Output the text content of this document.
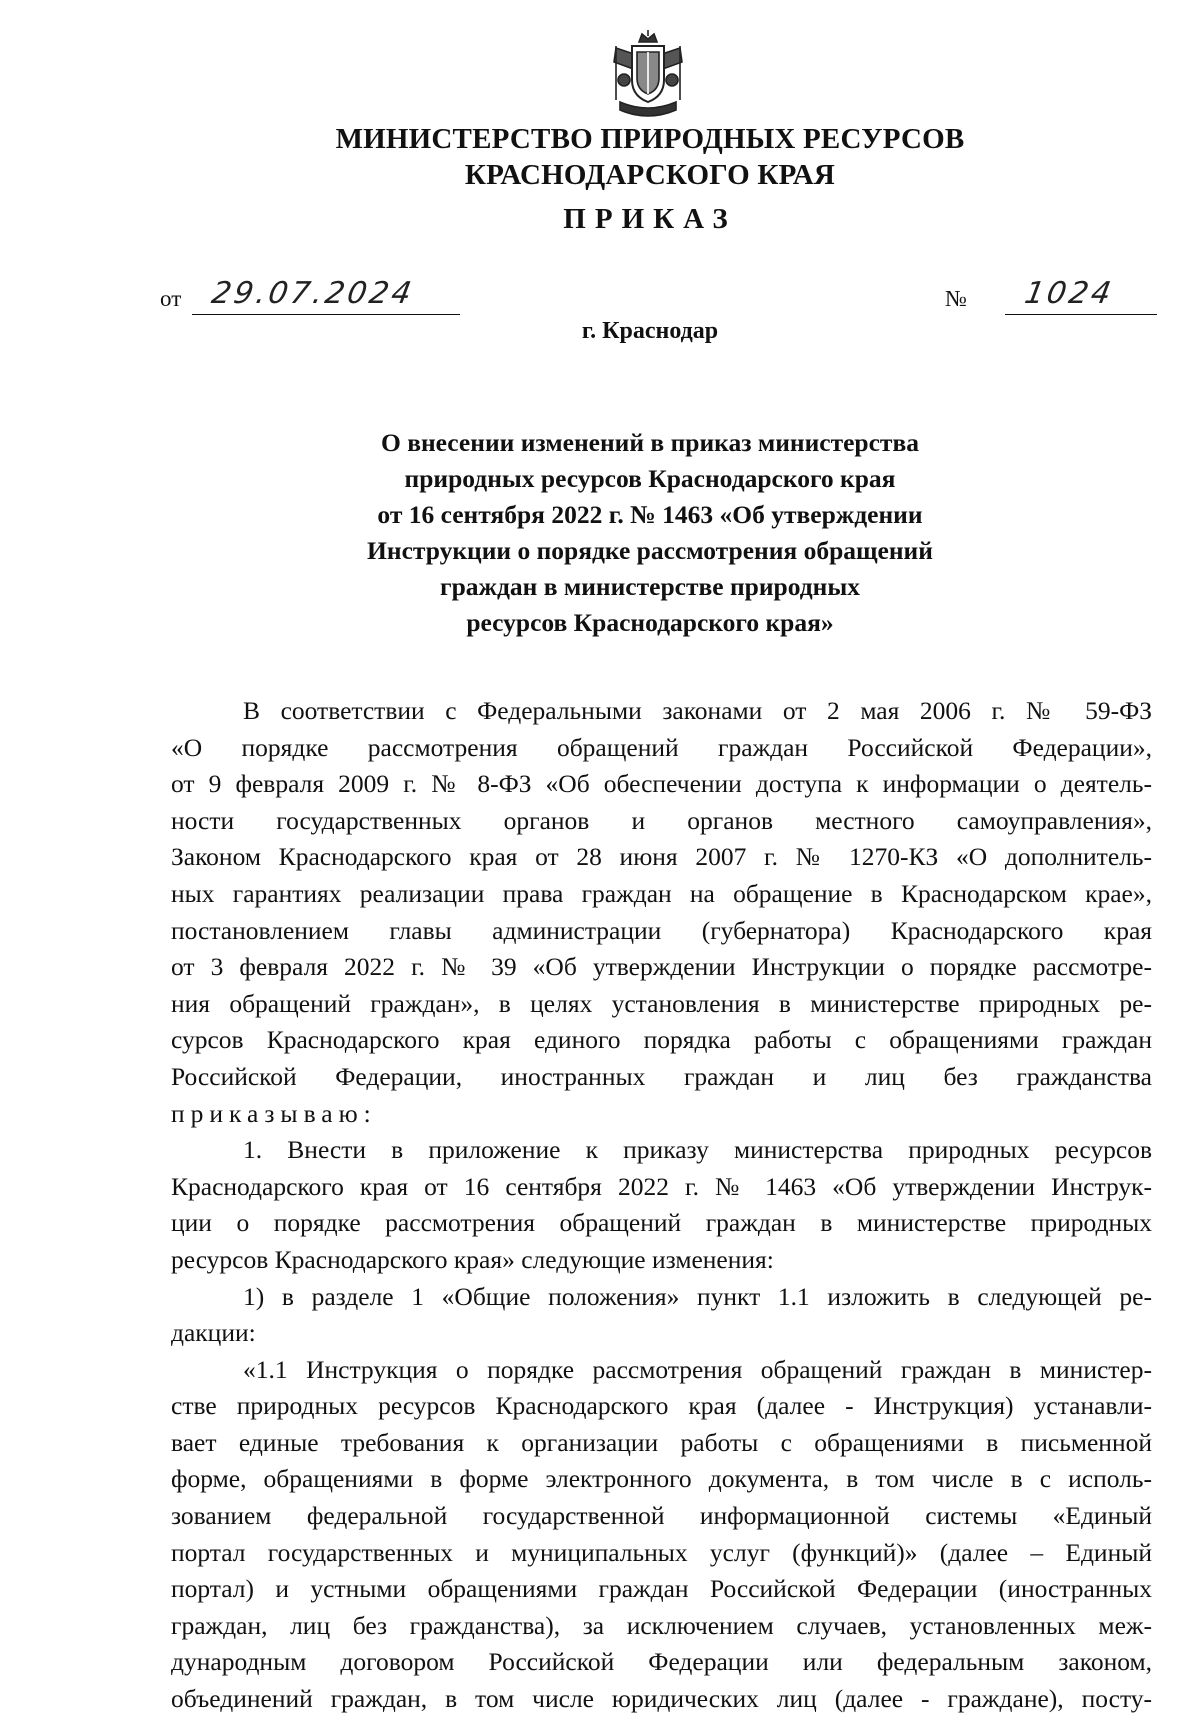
МИНИСТЕРСТВО ПРИРОДНЫХ РЕСУРСОВ
КРАСНОДАРСКОГО КРАЯ
ПРИКАЗ
от 29.07.2024	№ 1024
г. Краснодар
О внесении изменений в приказ министерства
природных ресурсов Краснодарского края
от 16 сентября 2022 г. № 1463 «Об утверждении
Инструкции о порядке рассмотрения обращений
граждан в министерстве природных
ресурсов Краснодарского края»
В соответствии с Федеральными законами от 2 мая 2006 г. № 59-ФЗ
«О порядке рассмотрения обращений граждан Российской Федерации»,
от 9 февраля 2009 г. № 8-ФЗ «Об обеспечении доступа к информации о деятель-
ности государственных органов и органов местного самоуправления»,
Законом Краснодарского края от 28 июня 2007 г. № 1270-КЗ «О дополнитель-
ных гарантиях реализации права граждан на обращение в Краснодарском крае»,
постановлением главы администрации (губернатора) Краснодарского края
от 3 февраля 2022 г. № 39 «Об утверждении Инструкции о порядке рассмотре-
ния обращений граждан», в целях установления в министерстве природных ре-
сурсов Краснодарского края единого порядка работы с обращениями граждан
Российской Федерации, иностранных граждан и лиц без гражданства
приказываю:
1. Внести в приложение к приказу министерства природных ресурсов
Краснодарского края от 16 сентября 2022 г. № 1463 «Об утверждении Инструк-
ции о порядке рассмотрения обращений граждан в министерстве природных
ресурсов Краснодарского края» следующие изменения:
1) в разделе 1 «Общие положения» пункт 1.1 изложить в следующей ре-
дакции:
«1.1 Инструкция о порядке рассмотрения обращений граждан в министер-
стве природных ресурсов Краснодарского края (далее - Инструкция) устанавли-
вает единые требования к организации работы с обращениями в письменной
форме, обращениями в форме электронного документа, в том числе в с исполь-
зованием федеральной государственной информационной системы «Единый
портал государственных и муниципальных услуг (функций)» (далее – Единый
портал) и устными обращениями граждан Российской Федерации (иностранных
граждан, лиц без гражданства), за исключением случаев, установленных меж-
дународным договором Российской Федерации или федеральным законом,
объединений граждан, в том числе юридических лиц (далее - граждане), посту-
